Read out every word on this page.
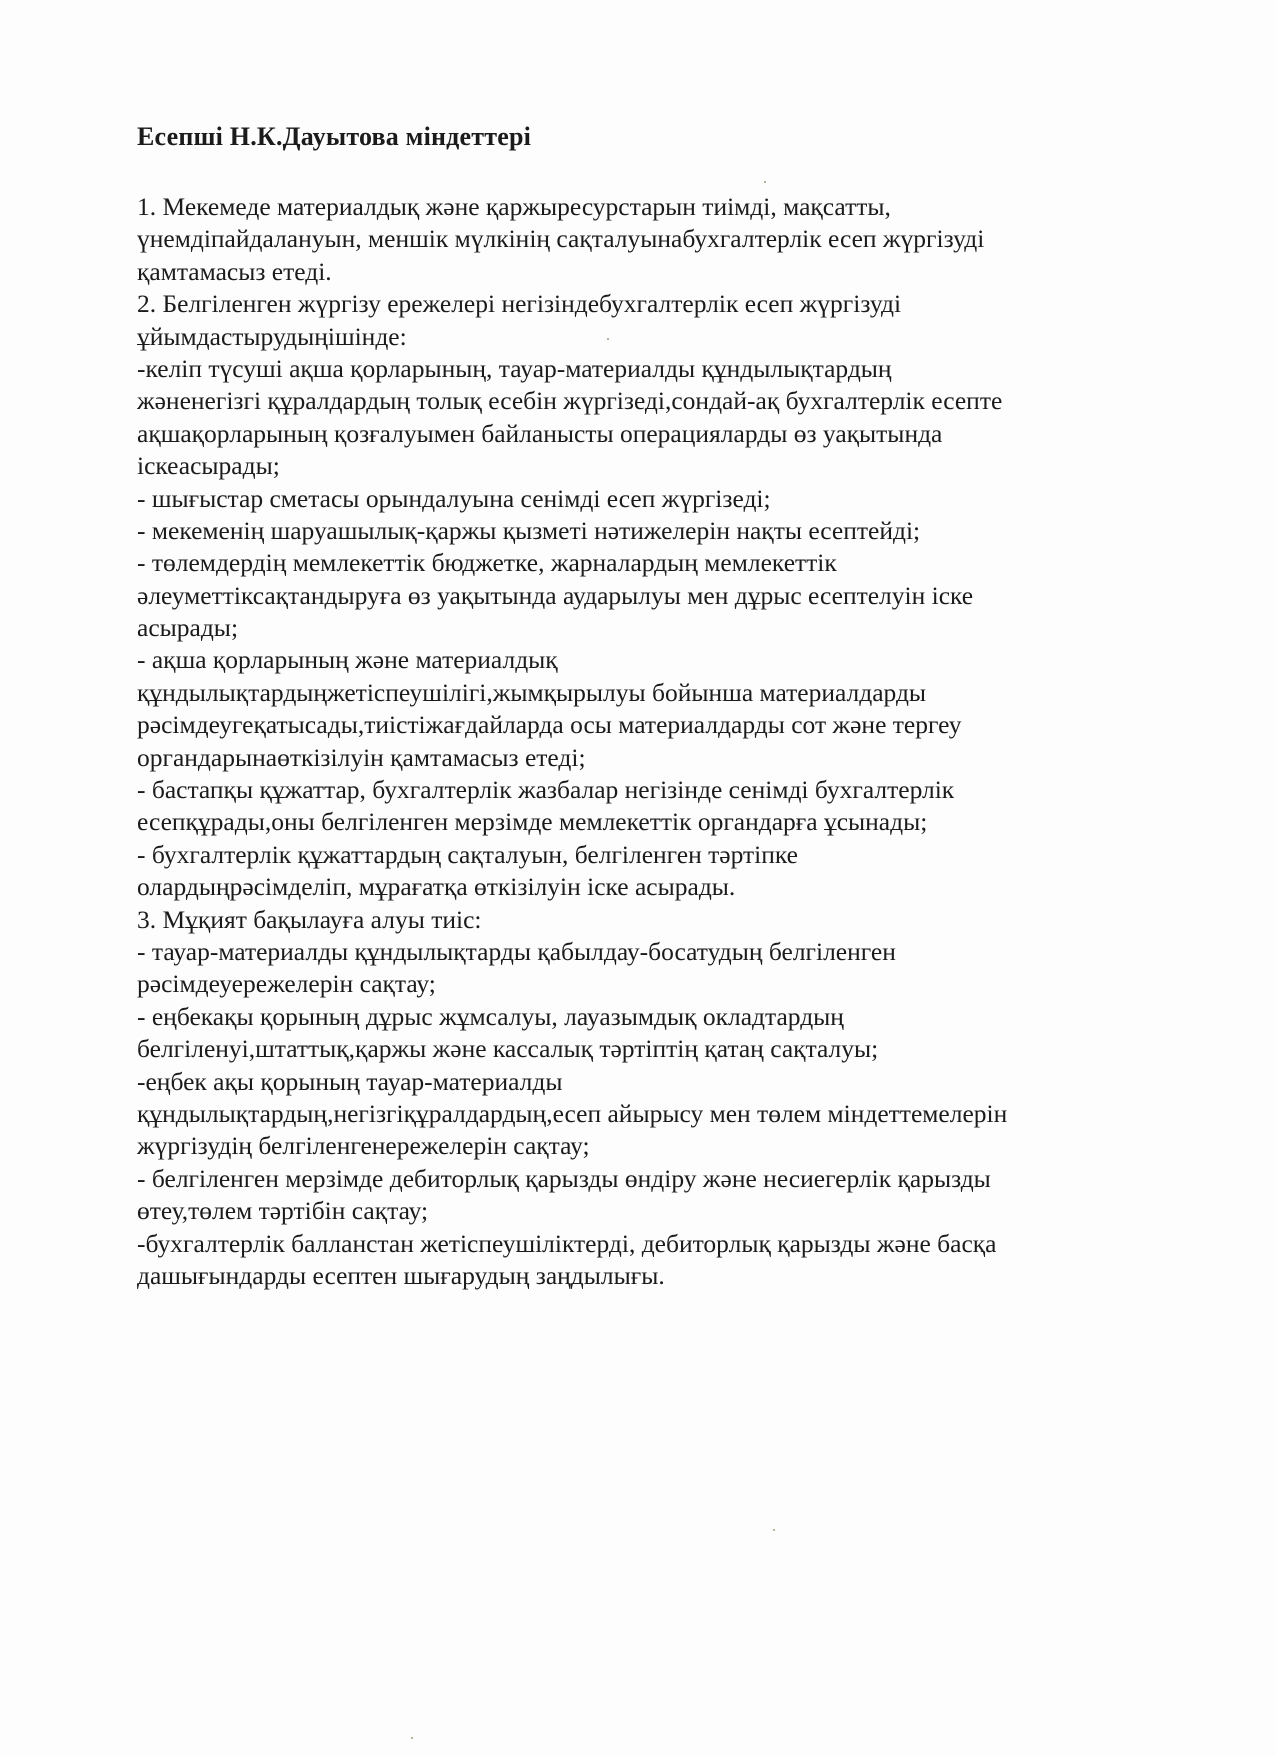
Есепші Н.К.Дауытова міндеттері
1. Мекемеде материалдық және қаржыресурстарын тиімді, мақсатты,
үнемдіпайдалануын, меншік мүлкінің сақталуынабухгалтерлік есеп жүргізуді
қамтамасыз етеді.
2. Белгіленген жүргізу ережелері негізіндебухгалтерлік есеп жүргізуді
ұйымдастырудыңішінде:
-келіп түсуші ақша қорларының, тауар-материалды құндылықтардың
жәненегізгі құралдардың толық есебін жүргізеді,сондай-ақ бухгалтерлік есепте
ақшақорларының қозғалуымен байланысты операцияларды өз уақытында
іскеасырады;
- шығыстар сметасы орындалуына сенімді есеп жүргізеді;
- мекеменің шаруашылық-қаржы қызметі нәтижелерін нақты есептейді;
- төлемдердің мемлекеттік бюджетке, жарналардың мемлекеттік
әлеуметтіксақтандыруға өз уақытында аударылуы мен дұрыс есептелуін іске
асырады;
- ақша қорларының және материалдық
құндылықтардыңжетіспеушілігі,жымқырылуы бойынша материалдарды
рәсімдеугеқатысады,тиістіжағдайларда осы материалдарды сот және тергеу
органдарынаөткізілуін қамтамасыз етеді;
- бастапқы құжаттар, бухгалтерлік жазбалар негізінде сенімді бухгалтерлік
есепқұрады,оны белгіленген мерзімде мемлекеттік органдарға ұсынады;
- бухгалтерлік құжаттардың сақталуын, белгіленген тәртіпке
олардыңрәсімделіп, мұрағатқа өткізілуін іске асырады.
3. Мұқият бақылауға алуы тиіс:
- тауар-материалды құндылықтарды қабылдау-босатудың белгіленген
рәсімдеуережелерін сақтау;
- еңбекақы қорының дұрыс жұмсалуы, лауазымдық окладтардың
белгіленуі,штаттық,қаржы және кассалық тәртіптің қатаң сақталуы;
-еңбек ақы қорының тауар-материалды
құндылықтардың,негізгіқұралдардың,есеп айырысу мен төлем міндеттемелерін
жүргізудің белгіленгенережелерін сақтау;
- белгіленген мерзімде дебиторлық қарызды өндіру және несиегерлік қарызды
өтеу,төлем тәртібін сақтау;
-бухгалтерлік балланстан жетіспеушіліктерді, дебиторлық қарызды және басқа
дашығындарды есептен шығарудың заңдылығы.
